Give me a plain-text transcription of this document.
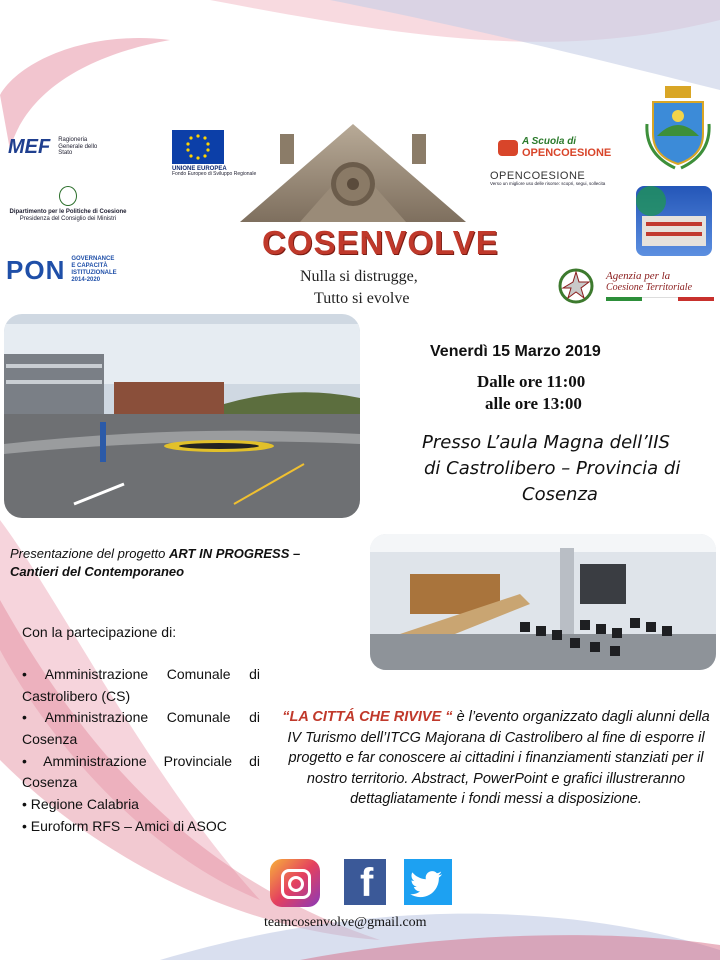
MEF Ragioneria Generale dello Stato
UNIONE EUROPEA
Fondo Europeo di Sviluppo Regionale
Dipartimento per le Politiche di Coesione
Presidenza del Consiglio dei Ministri
PON GOVERNANCE
E CAPACITÀ
ISTITUZIONALE
2014-2020
COSENVOLVE
Nulla si distrugge,
Tutto si evolve
A Scuola di
OPENCOESIONE
OPENCOESIONE
Verso un migliore uso delle risorse: scopri, segui, sollecita
Agenzia per la
Coesione Territoriale
Venerdì 15 Marzo 2019
Dalle ore 11:00
alle ore 13:00
Presso L’aula Magna dell’IIS
di Castrolibero – Provincia di
Cosenza
Presentazione del progetto ART IN PROGRESS – Cantieri del Contemporaneo
Con la partecipazione di:
• Amministrazione Comunale di Castrolibero (CS)
• Amministrazione Comunale di Cosenza
• Amministrazione Provinciale di Cosenza
• Regione Calabria
• Euroform RFS – Amici di ASOC
“LA CITTÁ CHE RIVIVE “ è l’evento organizzato dagli alunni della IV Turismo dell’ITCG Majorana di Castrolibero al fine di esporre il progetto e far conoscere ai cittadini i finanziamenti stanziati per il nostro territorio. Abstract, PowerPoint e grafici illustreranno dettagliatamente i fondi messi a disposizione.
f
teamcosenvolve@gmail.com
